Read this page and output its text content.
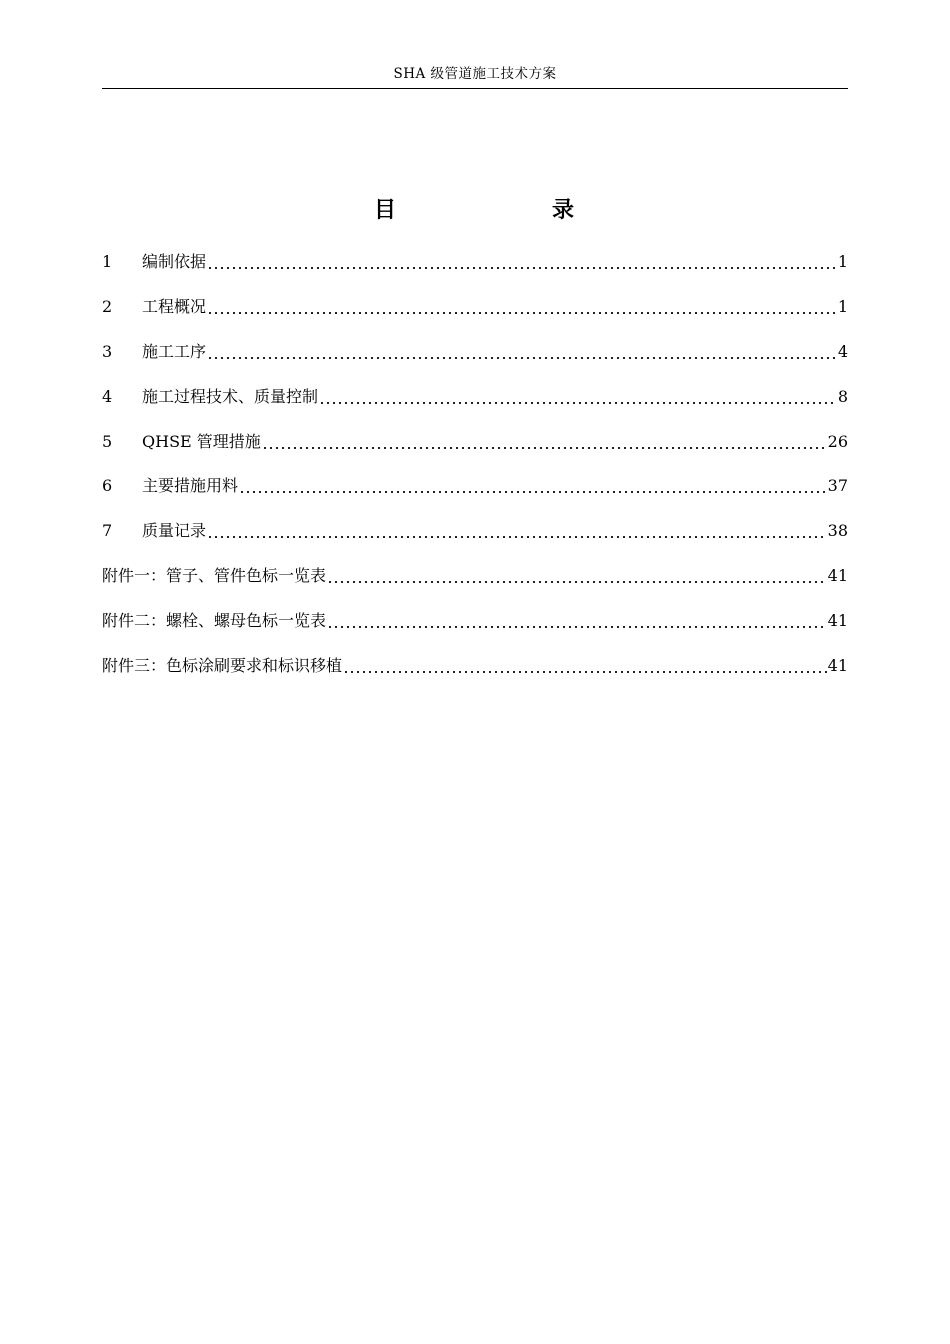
SHA 级管道施工技术方案
目	录
1	编制依据	1
2	工程概况	1
3	施工工序	4
4	施工过程技术、质量控制	8
5	QHSE 管理措施	26
6	主要措施用料	37
7	质量记录	38
附件一：管子、管件色标一览表	41
附件二：螺栓、螺母色标一览表	41
附件三：色标涂刷要求和标识移植	41
